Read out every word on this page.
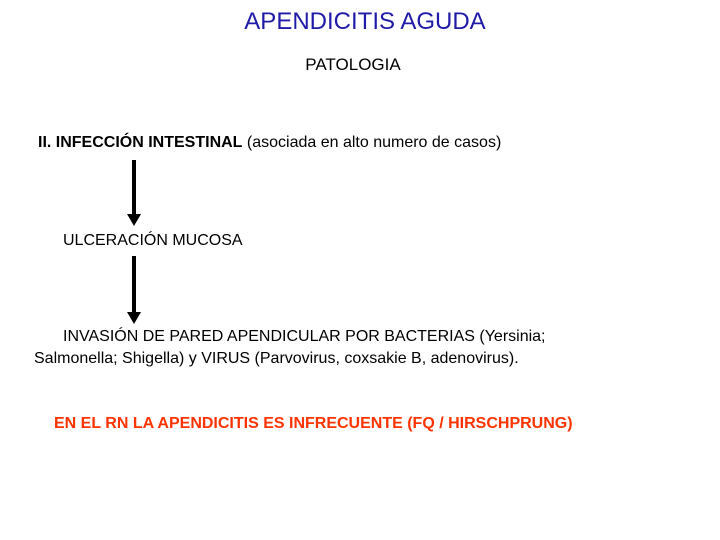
APENDICITIS AGUDA
PATOLOGIA
II. INFECCIÓN INTESTINAL (asociada en alto numero de casos)
ULCERACIÓN MUCOSA
INVASIÓN DE PARED APENDICULAR POR BACTERIAS (Yersinia;
Salmonella; Shigella) y VIRUS (Parvovirus, coxsakie B, adenovirus).
EN EL RN LA APENDICITIS ES INFRECUENTE (FQ / HIRSCHPRUNG)
